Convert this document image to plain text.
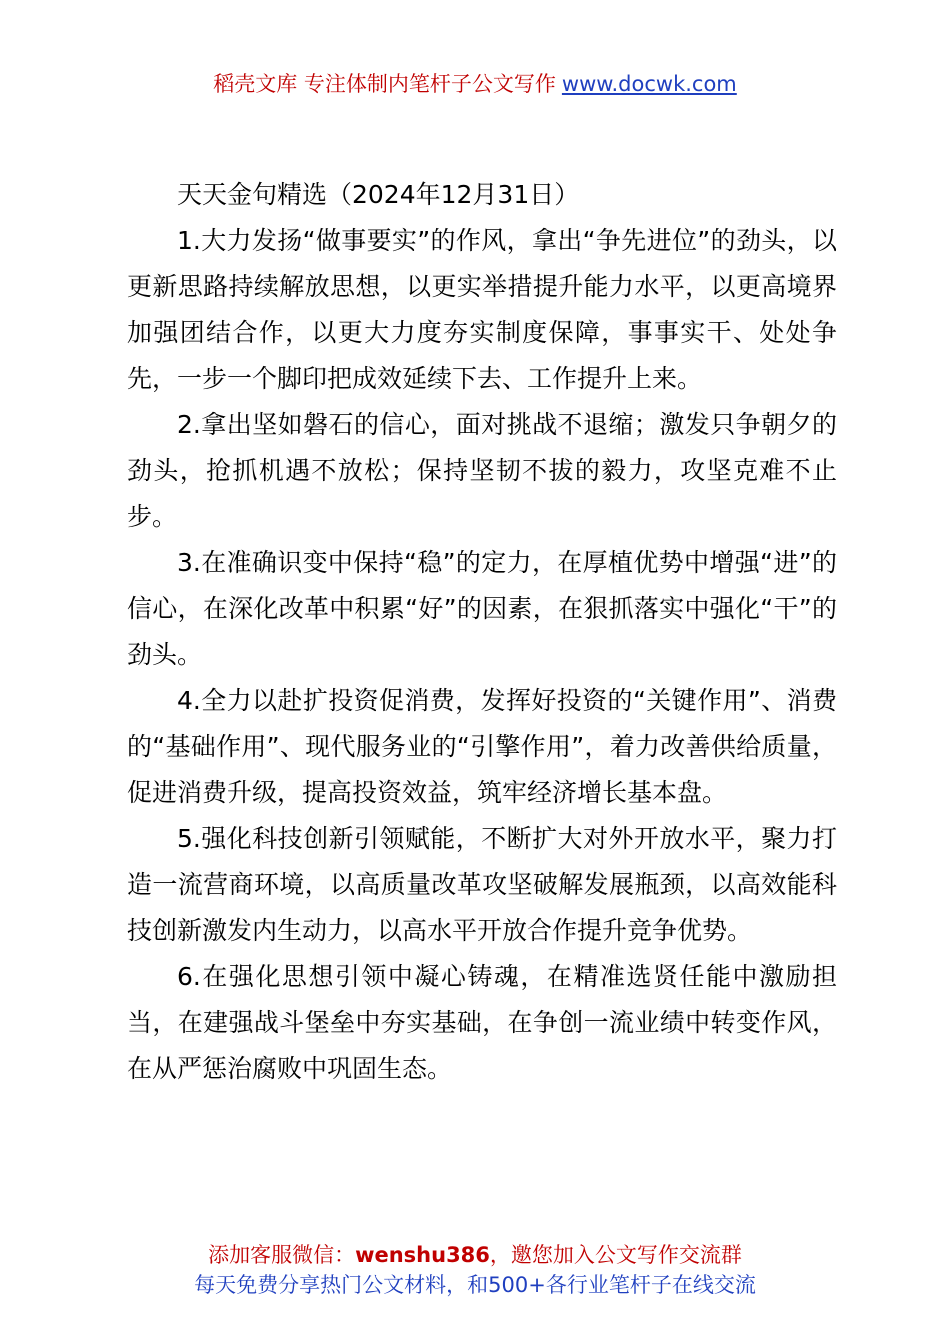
稻壳文库 专注体制内笔杆子公文写作 www.docwk.com

天天金句精选（2024年12月31日）

1.大力发扬“做事要实”的作风，拿出“争先进位”的劲头，以更新思路持续解放思想，以更实举措提升能力水平，以更高境界加强团结合作，以更大力度夯实制度保障，事事实干、处处争先，一步一个脚印把成效延续下去、工作提升上来。

2.拿出坚如磐石的信心，面对挑战不退缩；激发只争朝夕的劲头，抢抓机遇不放松；保持坚韧不拔的毅力，攻坚克难不止步。

3.在准确识变中保持“稳”的定力，在厚植优势中增强“进”的信心，在深化改革中积累“好”的因素，在狠抓落实中强化“干”的劲头。

4.全力以赴扩投资促消费，发挥好投资的“关键作用”、消费的“基础作用”、现代服务业的“引擎作用”，着力改善供给质量，促进消费升级，提高投资效益，筑牢经济增长基本盘。

5.强化科技创新引领赋能，不断扩大对外开放水平，聚力打造一流营商环境，以高质量改革攻坚破解发展瓶颈，以高效能科技创新激发内生动力，以高水平开放合作提升竞争优势。

6.在强化思想引领中凝心铸魂，在精准选贤任能中激励担当，在建强战斗堡垒中夯实基础，在争创一流业绩中转变作风，在从严惩治腐败中巩固生态。

添加客服微信：wenshu386，邀您加入公文写作交流群
每天免费分享热门公文材料，和500+各行业笔杆子在线交流
